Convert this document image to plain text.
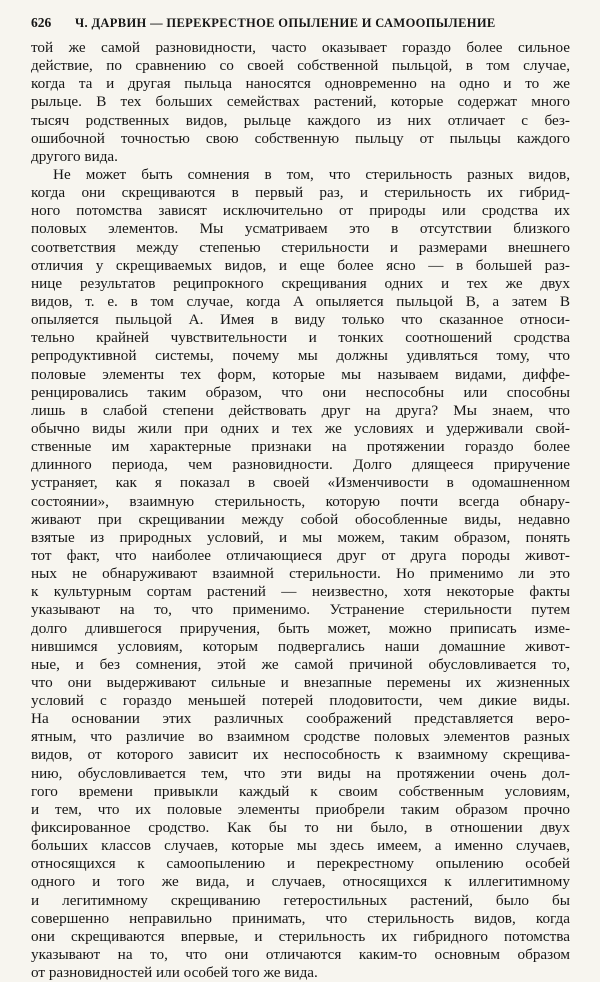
626 Ч. ДАРВИН — ПЕРЕКРЕСТНОЕ ОПЫЛЕНИЕ И САМООПЫЛЕНИЕ
той же самой разновидности, часто оказывает гораздо более сильное
действие, по сравнению со своей собственной пыльцой, в том случае,
когда та и другая пыльца наносятся одновременно на одно и то же
рыльце. В тех больших семействах растений, которые содержат много
тысяч родственных видов, рыльце каждого из них отличает с без-
ошибочной точностью свою собственную пыльцу от пыльцы каждого
другого вида.
Не может быть сомнения в том, что стерильность разных видов,
когда они скрещиваются в первый раз, и стерильность их гибрид-
ного потомства зависят исключительно от природы или сродства их
половых элементов. Мы усматриваем это в отсутствии близкого
соответствия между степенью стерильности и размерами внешнего
отличия у скрещиваемых видов, и еще более ясно — в большей раз-
нице результатов реципрокного скрещивания одних и тех же двух
видов, т. е. в том случае, когда A опыляется пыльцой B, а затем B
опыляется пыльцой A. Имея в виду только что сказанное относи-
тельно крайней чувствительности и тонких соотношений сродства
репродуктивной системы, почему мы должны удивляться тому, что
половые элементы тех форм, которые мы называем видами, диффе-
ренцировались таким образом, что они неспособны или способны
лишь в слабой степени действовать друг на друга? Мы знаем, что
обычно виды жили при одних и тех же условиях и удерживали свой-
ственные им характерные признаки на протяжении гораздо более
длинного периода, чем разновидности. Долго длящееся приручение
устраняет, как я показал в своей «Изменчивости в одомашненном
состоянии», взаимную стерильность, которую почти всегда обнару-
живают при скрещивании между собой обособленные виды, недавно
взятые из природных условий, и мы можем, таким образом, понять
тот факт, что наиболее отличающиеся друг от друга породы живот-
ных не обнаруживают взаимной стерильности. Но применимо ли это
к культурным сортам растений — неизвестно, хотя некоторые факты
указывают на то, что применимо. Устранение стерильности путем
долго длившегося приручения, быть может, можно приписать изме-
нившимся условиям, которым подвергались наши домашние живот-
ные, и без сомнения, этой же самой причиной обусловливается то,
что они выдерживают сильные и внезапные перемены их жизненных
условий с гораздо меньшей потерей плодовитости, чем дикие виды.
На основании этих различных соображений представляется веро-
ятным, что различие во взаимном сродстве половых элементов разных
видов, от которого зависит их неспособность к взаимному скрещива-
нию, обусловливается тем, что эти виды на протяжении очень дол-
гого времени привыкли каждый к своим собственным условиям,
и тем, что их половые элементы приобрели таким образом прочно
фиксированное сродство. Как бы то ни было, в отношении двух
больших классов случаев, которые мы здесь имеем, а именно случаев,
относящихся к самоопылению и перекрестному опылению особей
одного и того же вида, и случаев, относящихся к иллегитимному
и легитимному скрещиванию гетеростильных растений, было бы
совершенно неправильно принимать, что стерильность видов, когда
они скрещиваются впервые, и стерильность их гибридного потомства
указывают на то, что они отличаются каким-то основным образом
от разновидностей или особей того же вида.
